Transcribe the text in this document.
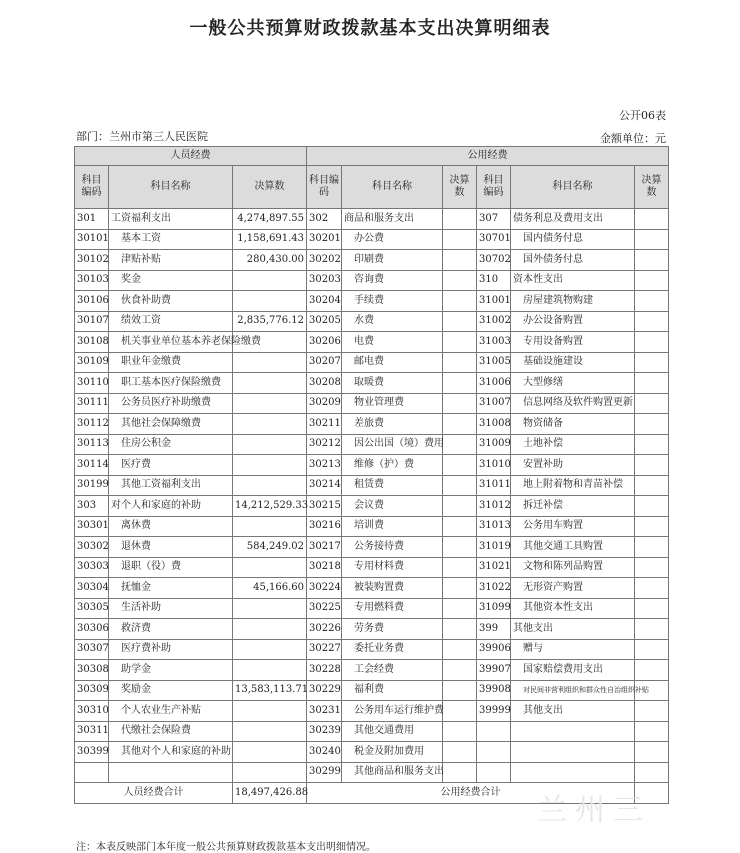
一般公共预算财政拨款基本支出决算明细表
公开06表
部门：兰州市第三人民医院	金额单位：元
人员经费			公用经费					
科目编码	科目名称	决算数	科目编码	科目名称	决算数	科目编码	科目名称	决算数
301	工资福利支出	4,274,897.55	302	商品和服务支出		307	债务利息及费用支出	
30101	基本工资	1,158,691.43	30201	办公费		30701	国内债务付息	
30102	津贴补贴	280,430.00	30202	印刷费		30702	国外债务付息	
30103	奖金		30203	咨询费		310	资本性支出	
30106	伙食补助费		30204	手续费		31001	房屋建筑物购建	
30107	绩效工资	2,835,776.12	30205	水费		31002	办公设备购置	
30108	机关事业单位基本养老保险缴费		30206	电费		31003	专用设备购置	
30109	职业年金缴费		30207	邮电费		31005	基础设施建设	
30110	职工基本医疗保险缴费		30208	取暖费		31006	大型修缮	
30111	公务员医疗补助缴费		30209	物业管理费		31007	信息网络及软件购置更新	
30112	其他社会保障缴费		30211	差旅费		31008	物资储备	
30113	住房公积金		30212	因公出国（境）费用		31009	土地补偿	
30114	医疗费		30213	维修（护）费		31010	安置补助	
30199	其他工资福利支出		30214	租赁费		31011	地上附着物和青苗补偿	
303	对个人和家庭的补助	14,212,529.33	30215	会议费		31012	拆迁补偿	
30301	离休费		30216	培训费		31013	公务用车购置	
30302	退休费	584,249.02	30217	公务接待费		31019	其他交通工具购置	
30303	退职（役）费		30218	专用材料费		31021	文物和陈列品购置	
30304	抚恤金	45,166.60	30224	被装购置费		31022	无形资产购置	
30305	生活补助		30225	专用燃料费		31099	其他资本性支出	
30306	救济费		30226	劳务费		399	其他支出	
30307	医疗费补助		30227	委托业务费		39906	赠与	
30308	助学金		30228	工会经费		39907	国家赔偿费用支出	
30309	奖励金	13,583,113.71	30229	福利费		39908	对民间非营利组织和群众性自治组织补贴	
30310	个人农业生产补贴		30231	公务用车运行维护费		39999	其他支出	
30311	代缴社会保险费		30239	其他交通费用				
30399	其他对个人和家庭的补助		30240	税金及附加费用				
			30299	其他商品和服务支出				
人员经费合计		18,497,426.88	公用经费合计					
兰州三
注：本表反映部门本年度一般公共预算财政拨款基本支出明细情况。
